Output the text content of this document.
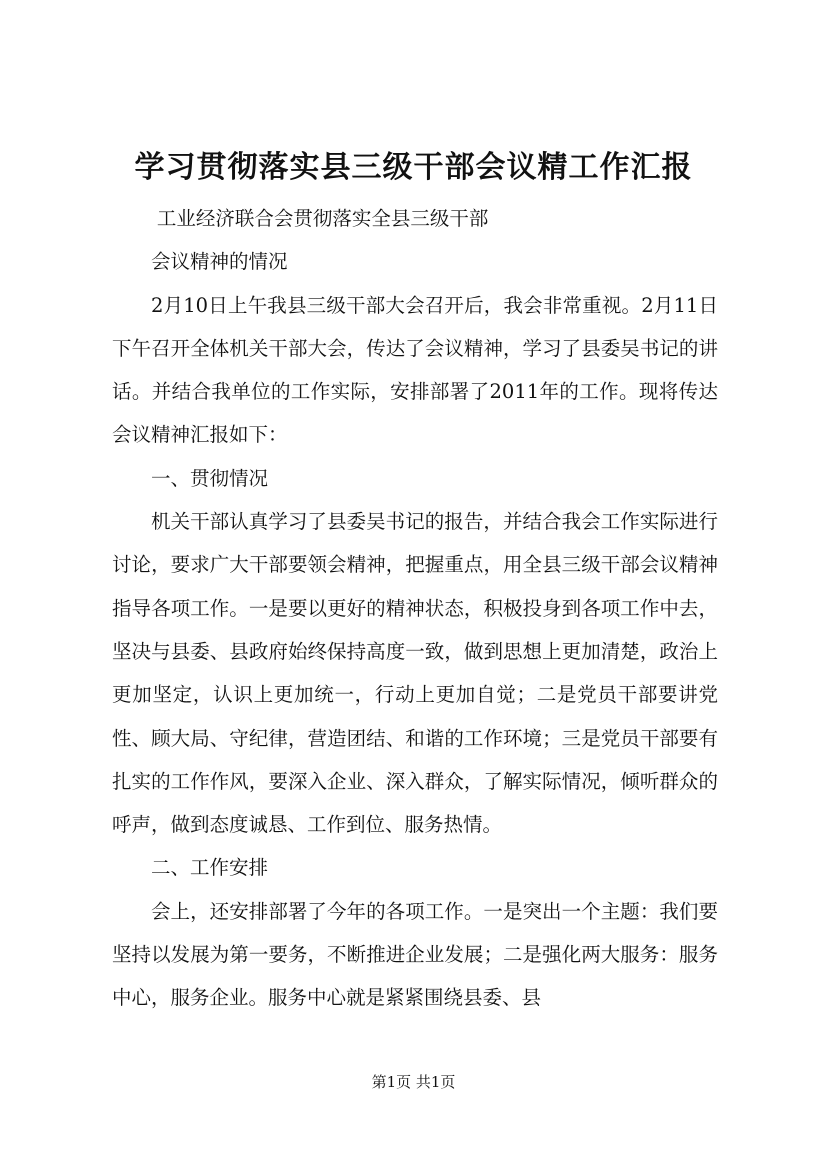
学习贯彻落实县三级干部会议精工作汇报

工业经济联合会贯彻落实全县三级干部

会议精神的情况

2月10日上午我县三级干部大会召开后，我会非常重视。2月11日下午召开全体机关干部大会，传达了会议精神，学习了县委吴书记的讲话。并结合我单位的工作实际，安排部署了2011年的工作。现将传达会议精神汇报如下：

一、贯彻情况

机关干部认真学习了县委吴书记的报告，并结合我会工作实际进行讨论，要求广大干部要领会精神，把握重点，用全县三级干部会议精神指导各项工作。一是要以更好的精神状态，积极投身到各项工作中去，坚决与县委、县政府始终保持高度一致，做到思想上更加清楚，政治上更加坚定，认识上更加统一，行动上更加自觉；二是党员干部要讲党性、顾大局、守纪律，营造团结、和谐的工作环境；三是党员干部要有扎实的工作作风，要深入企业、深入群众，了解实际情况，倾听群众的呼声，做到态度诚恳、工作到位、服务热情。

二、工作安排

会上，还安排部署了今年的各项工作。一是突出一个主题：我们要坚持以发展为第一要务，不断推进企业发展；二是强化两大服务：服务中心，服务企业。服务中心就是紧紧围绕县委、县

第1页 共1页
